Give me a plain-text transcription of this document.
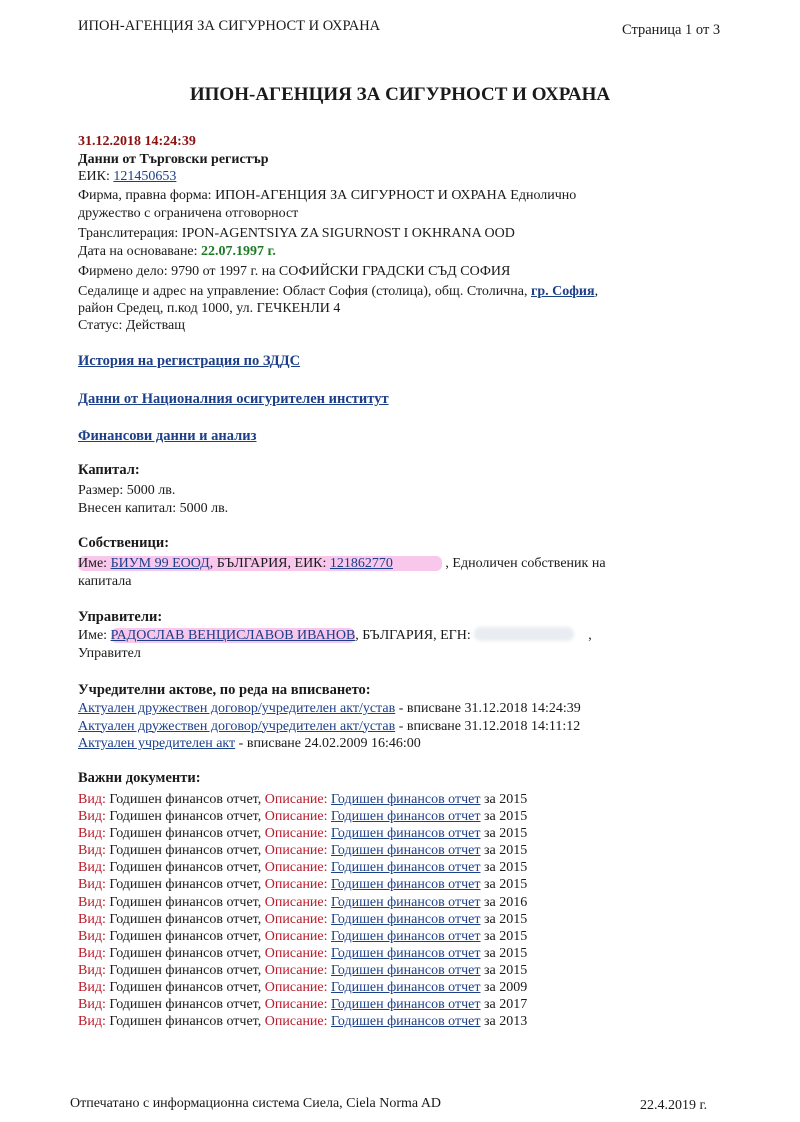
ИПОН-АГЕНЦИЯ ЗА СИГУРНОСТ И ОХРАНА	Страница 1 от 3
ИПОН-АГЕНЦИЯ ЗА СИГУРНОСТ И ОХРАНА
31.12.2018 14:24:39
Данни от Търговски регистър
ЕИК: 121450653
Фирма, правна форма: ИПОН-АГЕНЦИЯ ЗА СИГУРНОСТ И ОХРАНА Еднолично
дружество с ограничена отговорност
Транслитерация: IPON-AGENTSIYA ZA SIGURNOST I OKHRANA OOD
Дата на основаване: 22.07.1997 г.
Фирмено дело: 9790 от 1997 г. на СОФИЙСКИ ГРАДСКИ СЪД СОФИЯ
Седалище и адрес на управление: Област София (столица), общ. Столична, гр. София,
район Средец, п.код 1000, ул. ГЕЧКЕНЛИ 4
Статус: Действащ
История на регистрация по ЗДДС
Данни от Националния осигурителен институт
Финансови данни и анализ
Капитал:
Размер: 5000 лв.
Внесен капитал: 5000 лв.
Собственици:
Име: БИУМ 99 ЕООД, БЪЛГАРИЯ, ЕИК: 121862770	, Едноличен собственик на
капитала
Управители:
Име: РАДОСЛАВ ВЕНЦИСЛАВОВ ИВАНОВ, БЪЛГАРИЯ, ЕГН:	,
Управител
Учредителни актове, по реда на вписването:
Актуален дружествен договор/учредителен акт/устав - вписване 31.12.2018 14:24:39
Актуален дружествен договор/учредителен акт/устав - вписване 31.12.2018 14:11:12
Актуален учредителен акт - вписване 24.02.2009 16:46:00
Важни документи:
Вид: Годишен финансов отчет, Описание: Годишен финансов отчет за 2015
Вид: Годишен финансов отчет, Описание: Годишен финансов отчет за 2015
Вид: Годишен финансов отчет, Описание: Годишен финансов отчет за 2015
Вид: Годишен финансов отчет, Описание: Годишен финансов отчет за 2015
Вид: Годишен финансов отчет, Описание: Годишен финансов отчет за 2015
Вид: Годишен финансов отчет, Описание: Годишен финансов отчет за 2015
Вид: Годишен финансов отчет, Описание: Годишен финансов отчет за 2016
Вид: Годишен финансов отчет, Описание: Годишен финансов отчет за 2015
Вид: Годишен финансов отчет, Описание: Годишен финансов отчет за 2015
Вид: Годишен финансов отчет, Описание: Годишен финансов отчет за 2015
Вид: Годишен финансов отчет, Описание: Годишен финансов отчет за 2015
Вид: Годишен финансов отчет, Описание: Годишен финансов отчет за 2009
Вид: Годишен финансов отчет, Описание: Годишен финансов отчет за 2017
Вид: Годишен финансов отчет, Описание: Годишен финансов отчет за 2013
Отпечатано с информационна система Сиела, Ciela Norma AD	22.4.2019 г.
